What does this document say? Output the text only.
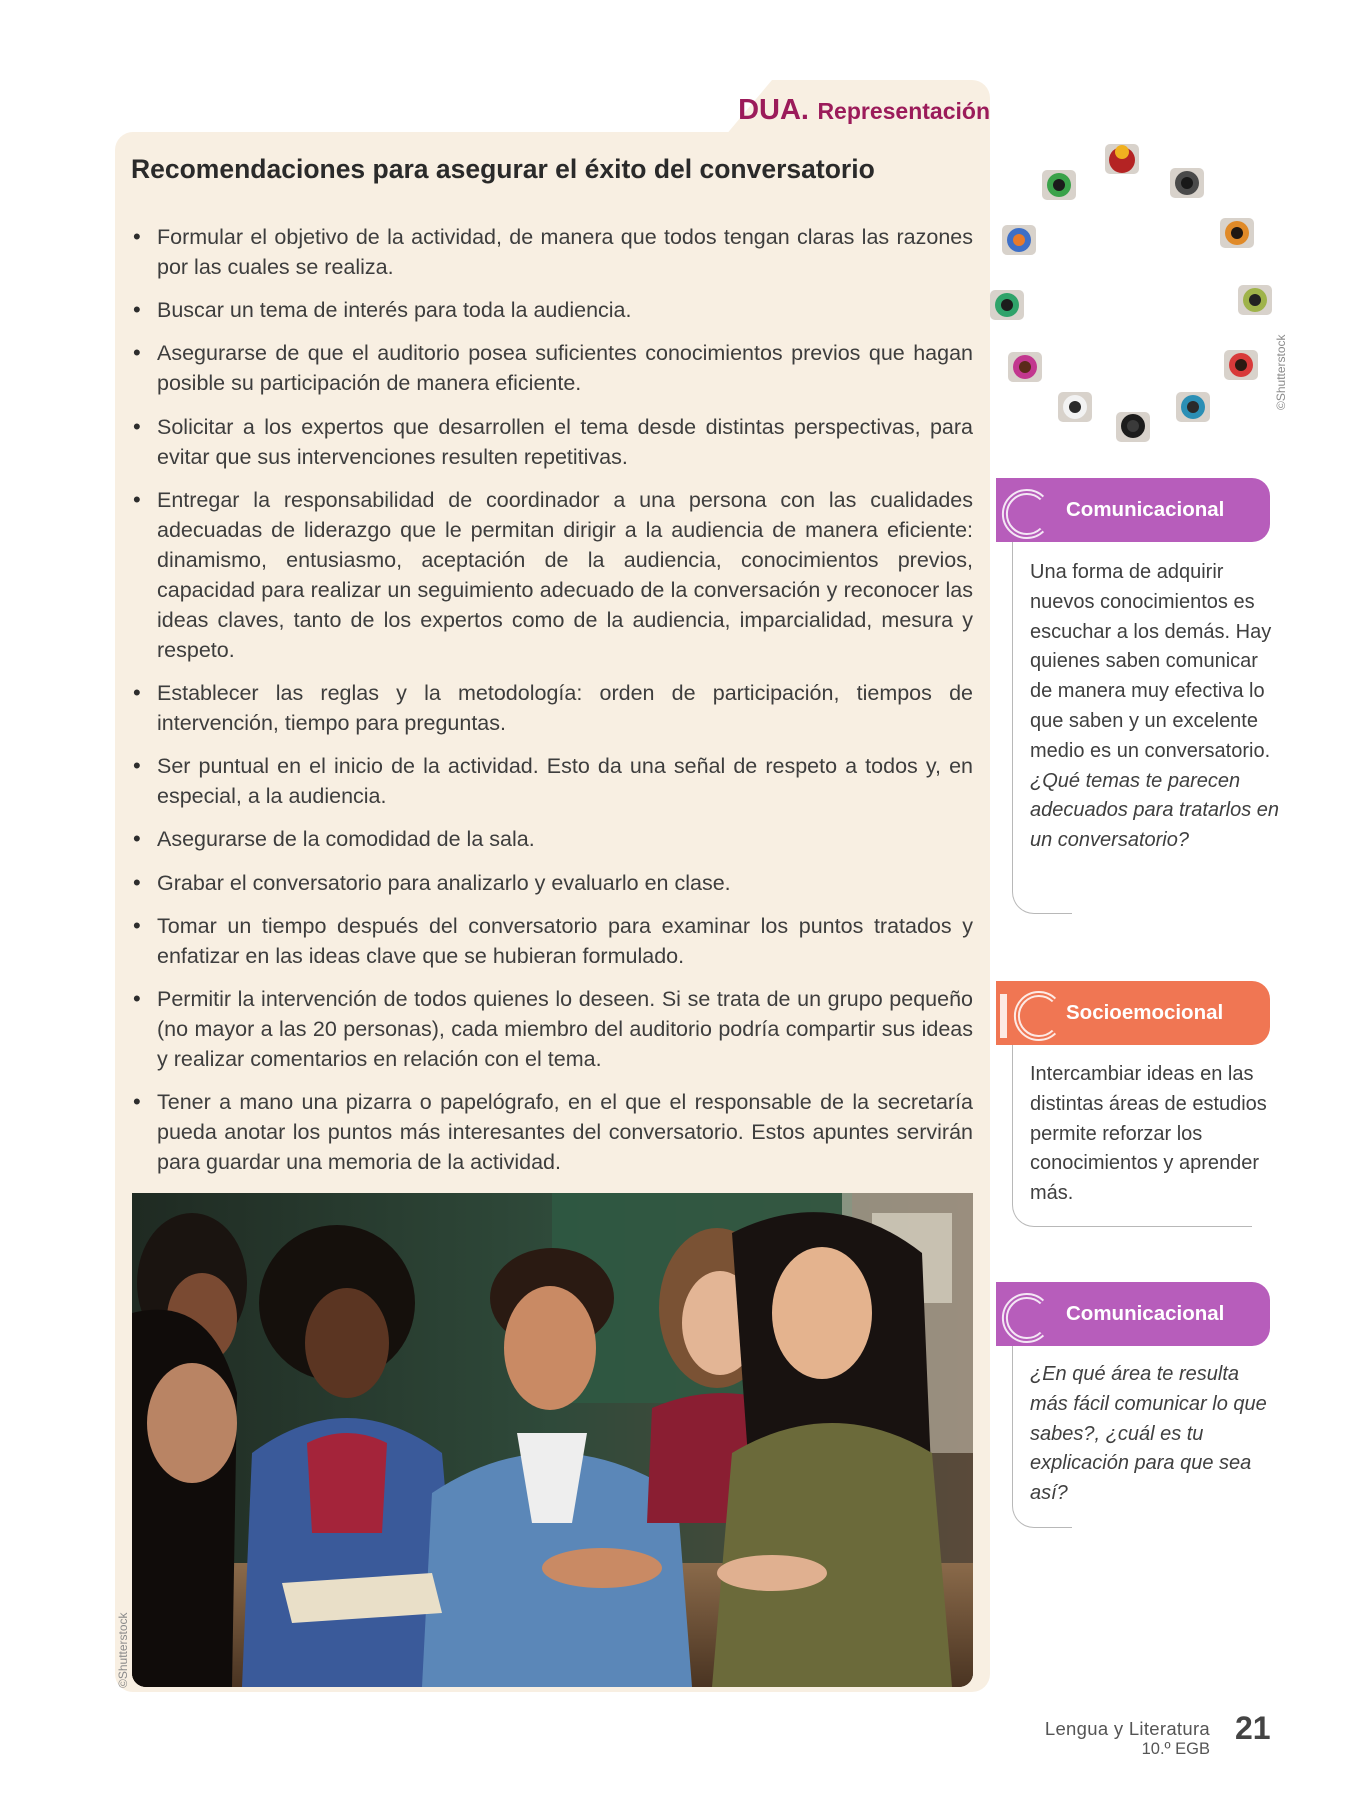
DUA. Representación
Recomendaciones para asegurar el éxito del conversatorio
• Formular el objetivo de la actividad, de manera que todos tengan claras las razones por las cuales se realiza.
• Buscar un tema de interés para toda la audiencia.
• Asegurarse de que el auditorio posea suficientes conocimientos previos que hagan posible su participación de manera eficiente.
• Solicitar a los expertos que desarrollen el tema desde distintas perspectivas, para evitar que sus intervenciones resulten repetitivas.
• Entregar la responsabilidad de coordinador a una persona con las cualidades adecuadas de liderazgo que le permitan dirigir a la audiencia de manera eficiente: dinamismo, entusiasmo, aceptación de la audiencia, conocimientos previos, capacidad para realizar un seguimiento adecuado de la conversación y reconocer las ideas claves, tanto de los expertos como de la audiencia, imparcialidad, mesura y respeto.
• Establecer las reglas y la metodología: orden de participación, tiempos de intervención, tiempo para preguntas.
• Ser puntual en el inicio de la actividad. Esto da una señal de respeto a todos y, en especial, a la audiencia.
• Asegurarse de la comodidad de la sala.
• Grabar el conversatorio para analizarlo y evaluarlo en clase.
• Tomar un tiempo después del conversatorio para examinar los puntos tratados y enfatizar en las ideas clave que se hubieran formulado.
• Permitir la intervención de todos quienes lo deseen. Si se trata de un grupo pequeño (no mayor a las 20 personas), cada miembro del auditorio podría compartir sus ideas y realizar comentarios en relación con el tema.
• Tener a mano una pizarra o papelógrafo, en el que el responsable de la secretaría pueda anotar los puntos más interesantes del conversatorio. Estos apuntes servirán para guardar una memoria de la actividad.
©Shutterstock
©Shutterstock
Comunicacional

Una forma de adquirir nuevos conocimientos es escuchar a los demás. Hay quienes saben comunicar de manera muy efectiva lo que saben y un excelente medio es un conversatorio.

¿Qué temas te parecen adecuados para tratarlos en un conversatorio?

Socioemocional

Intercambiar ideas en las distintas áreas de estudios permite reforzar los conocimientos y aprender más.

Comunicacional

¿En qué área te resulta más fácil comunicar lo que sabes?, ¿cuál es tu explicación para que sea así?

Lengua y Literatura
10.º EGB
21
